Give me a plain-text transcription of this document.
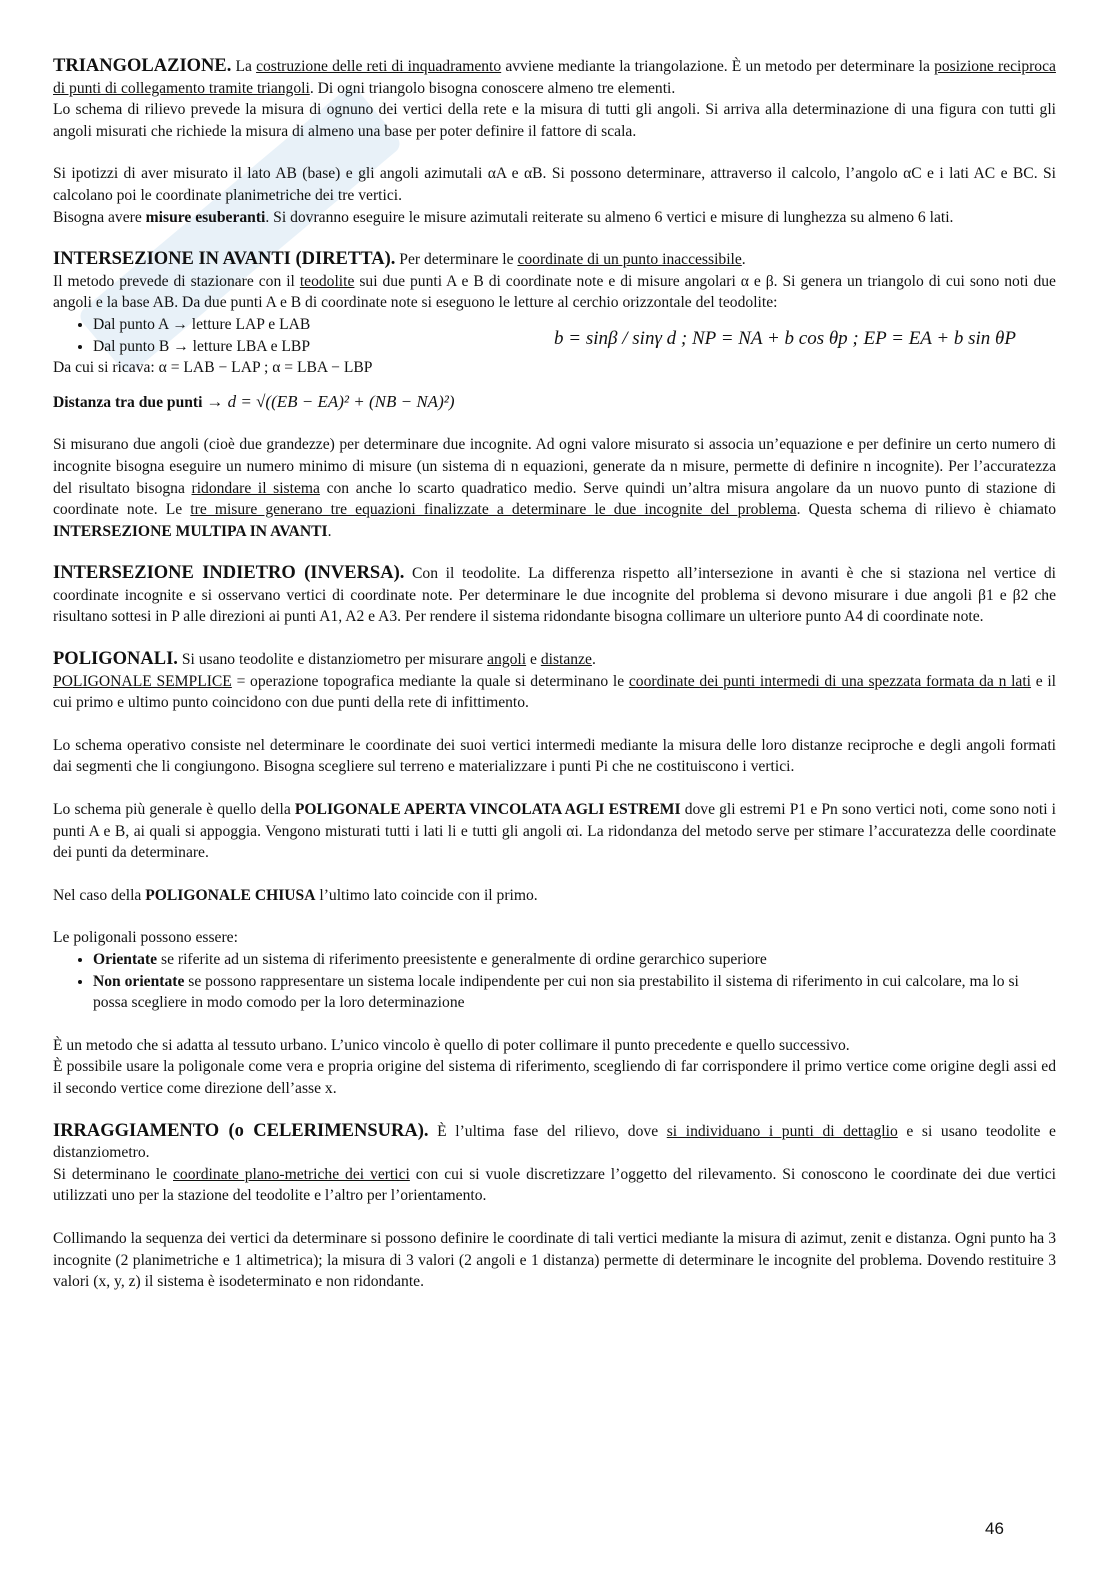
TRIANGOLAZIONE. La costruzione delle reti di inquadramento avviene mediante la triangolazione. È un metodo per determinare la posizione reciproca di punti di collegamento tramite triangoli. Di ogni triangolo bisogna conoscere almeno tre elementi.

Lo schema di rilievo prevede la misura di ognuno dei vertici della rete e la misura di tutti gli angoli. Si arriva alla determinazione di una figura con tutti gli angoli misurati che richiede la misura di almeno una base per poter definire il fattore di scala.

Si ipotizzi di aver misurato il lato AB (base) e gli angoli azimutali αA e αB. Si possono determinare, attraverso il calcolo, l’angolo αC e i lati AC e BC. Si calcolano poi le coordinate planimetriche dei tre vertici.

Bisogna avere misure esuberanti. Si dovranno eseguire le misure azimutali reiterate su almeno 6 vertici e misure di lunghezza su almeno 6 lati.

INTERSEZIONE IN AVANTI (DIRETTA). Per determinare le coordinate di un punto inaccessibile.

Il metodo prevede di stazionare con il teodolite sui due punti A e B di coordinate note e di misure angolari α e β. Si genera un triangolo di cui sono noti due angoli e la base AB. Da due punti A e B di coordinate note si eseguono le letture al cerchio orizzontale del teodolite:

• Dal punto A → letture LAP e LAB
• Dal punto B → letture LBA e LBP

Da cui si ricava: α = LAB − LAP ; α = LBA − LBP

b = sinβ / sinγ d ; NP = NA + b cos θp ; EP = EA + b sin θP

Distanza tra due punti → d = √((EB − EA)² + (NB − NA)²)

Si misurano due angoli (cioè due grandezze) per determinare due incognite. Ad ogni valore misurato si associa un’equazione e per definire un certo numero di incognite bisogna eseguire un numero minimo di misure (un sistema di n equazioni, generate da n misure, permette di definire n incognite). Per l’accuratezza del risultato bisogna ridondare il sistema con anche lo scarto quadratico medio. Serve quindi un’altra misura angolare da un nuovo punto di stazione di coordinate note. Le tre misure generano tre equazioni finalizzate a determinare le due incognite del problema. Questa schema di rilievo è chiamato INTERSEZIONE MULTIPA IN AVANTI.

INTERSEZIONE INDIETRO (INVERSA). Con il teodolite. La differenza rispetto all’intersezione in avanti è che si staziona nel vertice di coordinate incognite e si osservano vertici di coordinate note. Per determinare le due incognite del problema si devono misurare i due angoli β1 e β2 che risultano sottesi in P alle direzioni ai punti A1, A2 e A3. Per rendere il sistema ridondante bisogna collimare un ulteriore punto A4 di coordinate note.

POLIGONALI. Si usano teodolite e distanziometro per misurare angoli e distanze.

POLIGONALE SEMPLICE = operazione topografica mediante la quale si determinano le coordinate dei punti intermedi di una spezzata formata da n lati e il cui primo e ultimo punto coincidono con due punti della rete di infittimento.

Lo schema operativo consiste nel determinare le coordinate dei suoi vertici intermedi mediante la misura delle loro distanze reciproche e degli angoli formati dai segmenti che li congiungono. Bisogna scegliere sul terreno e materializzare i punti Pi che ne costituiscono i vertici.

Lo schema più generale è quello della POLIGONALE APERTA VINCOLATA AGLI ESTREMI dove gli estremi P1 e Pn sono vertici noti, come sono noti i punti A e B, ai quali si appoggia. Vengono misturati tutti i lati li e tutti gli angoli αi. La ridondanza del metodo serve per stimare l’accuratezza delle coordinate dei punti da determinare.

Nel caso della POLIGONALE CHIUSA l’ultimo lato coincide con il primo.

Le poligonali possono essere:

• Orientate se riferite ad un sistema di riferimento preesistente e generalmente di ordine gerarchico superiore
• Non orientate se possono rappresentare un sistema locale indipendente per cui non sia prestabilito il sistema di riferimento in cui calcolare, ma lo si possa scegliere in modo comodo per la loro determinazione

È un metodo che si adatta al tessuto urbano. L’unico vincolo è quello di poter collimare il punto precedente e quello successivo.

È possibile usare la poligonale come vera e propria origine del sistema di riferimento, scegliendo di far corrispondere il primo vertice come origine degli assi ed il secondo vertice come direzione dell’asse x.

IRRAGGIAMENTO (o CELERIMENSURA). È l’ultima fase del rilievo, dove si individuano i punti di dettaglio e si usano teodolite e distanziometro.

Si determinano le coordinate plano-metriche dei vertici con cui si vuole discretizzare l’oggetto del rilevamento. Si conoscono le coordinate dei due vertici utilizzati uno per la stazione del teodolite e l’altro per l’orientamento.

Collimando la sequenza dei vertici da determinare si possono definire le coordinate di tali vertici mediante la misura di azimut, zenit e distanza. Ogni punto ha 3 incognite (2 planimetriche e 1 altimetrica); la misura di 3 valori (2 angoli e 1 distanza) permette di determinare le incognite del problema. Dovendo restituire 3 valori (x, y, z) il sistema è isodeterminato e non ridondante.

46
